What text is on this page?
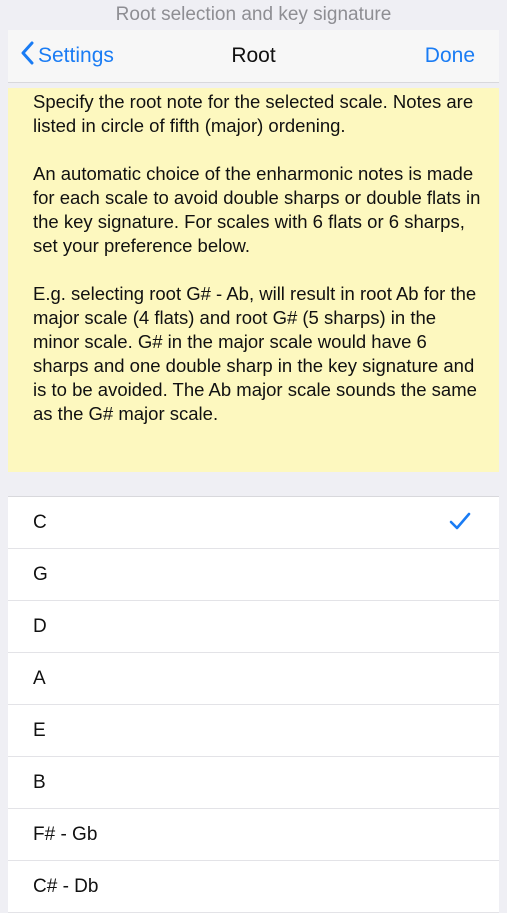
Root selection and key signature
Settings	Root	Done

Specify the root note for the selected scale. Notes are listed in circle of fifth (major) ordening.

An automatic choice of the enharmonic notes is made for each scale to avoid double sharps or double flats in the key signature. For scales with 6 flats or 6 sharps, set your preference below.

E.g. selecting root G# - Ab, will result in root Ab for the major scale (4 flats) and root G# (5 sharps) in the minor scale. G# in the major scale would have 6 sharps and one double sharp in the key signature and is to be avoided. The Ab major scale sounds the same as the G# major scale.

C
G
D
A
E
B
F# - Gb
C# - Db
